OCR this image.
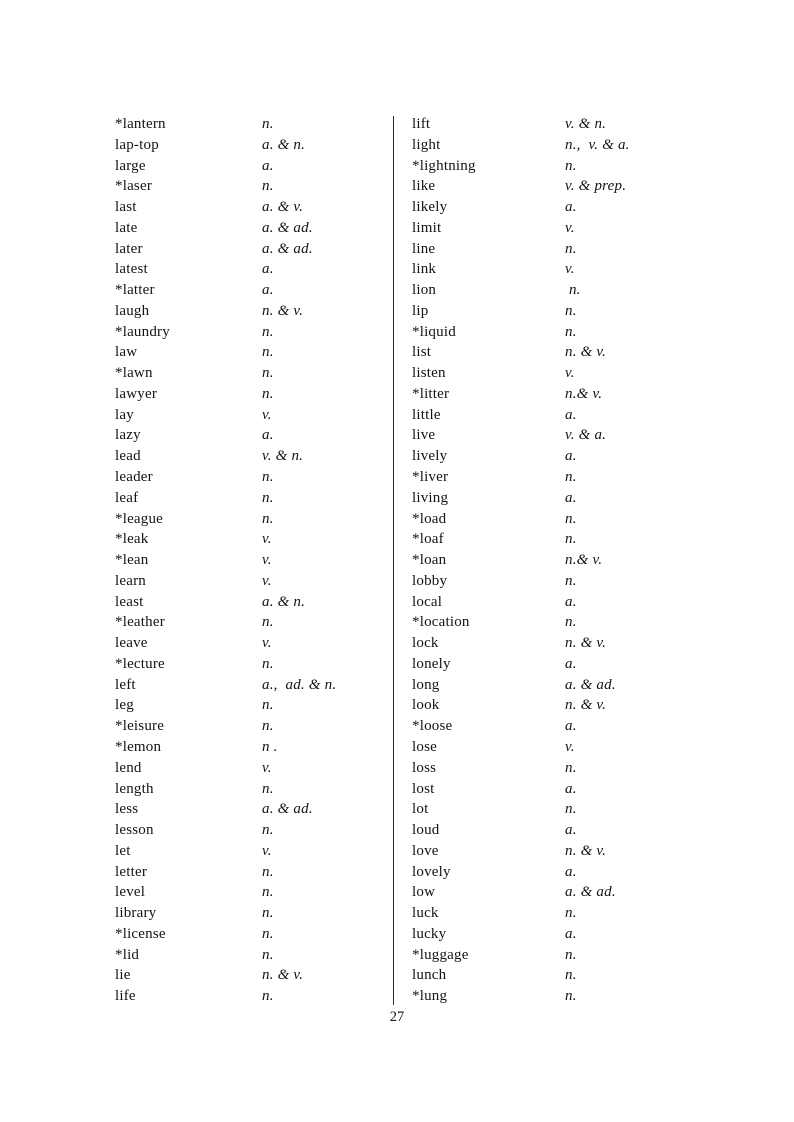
*lantern	n.
lap-top	a. & n.
large	a.
*laser	n.
last	a. & v.
late	a. & ad.
later	a. & ad.
latest	a.
*latter	a.
laugh	n. & v.
*laundry	n.
law	n.
*lawn	n.
lawyer	n.
lay	v.
lazy	a.
lead	v. & n.
leader	n.
leaf	n.
*league	n.
*leak	v.
*lean	v.
learn	v.
least	a. & n.
*leather	n.
leave	v.
*lecture	n.
left	a.,  ad. & n.
leg	n.
*leisure	n.
*lemon	n .
lend	v.
length	n.
less	a. & ad.
lesson	n.
let	v.
letter	n.
level	n.
library	n.
*license	n.
*lid	n.
lie	n. & v.
life	n.
lift	v. & n.
light	n.,  v. & a.
*lightning	n.
like	v. & prep.
likely	a.
limit	v.
line	n.
link	v.
lion	n.
lip	n.
*liquid	n.
list	n. & v.
listen	v.
*litter	n.& v.
little	a.
live	v. & a.
lively	a.
*liver	n.
living	a.
*load	n.
*loaf	n.
*loan	n.& v.
lobby	n.
local	a.
*location	n.
lock	n. & v.
lonely	a.
long	a. & ad.
look	n. & v.
*loose	a.
lose	v.
loss	n.
lost	a.
lot	n.
loud	a.
love	n. & v.
lovely	a.
low	a. & ad.
luck	n.
lucky	a.
*luggage	n.
lunch	n.
*lung	n.
27
